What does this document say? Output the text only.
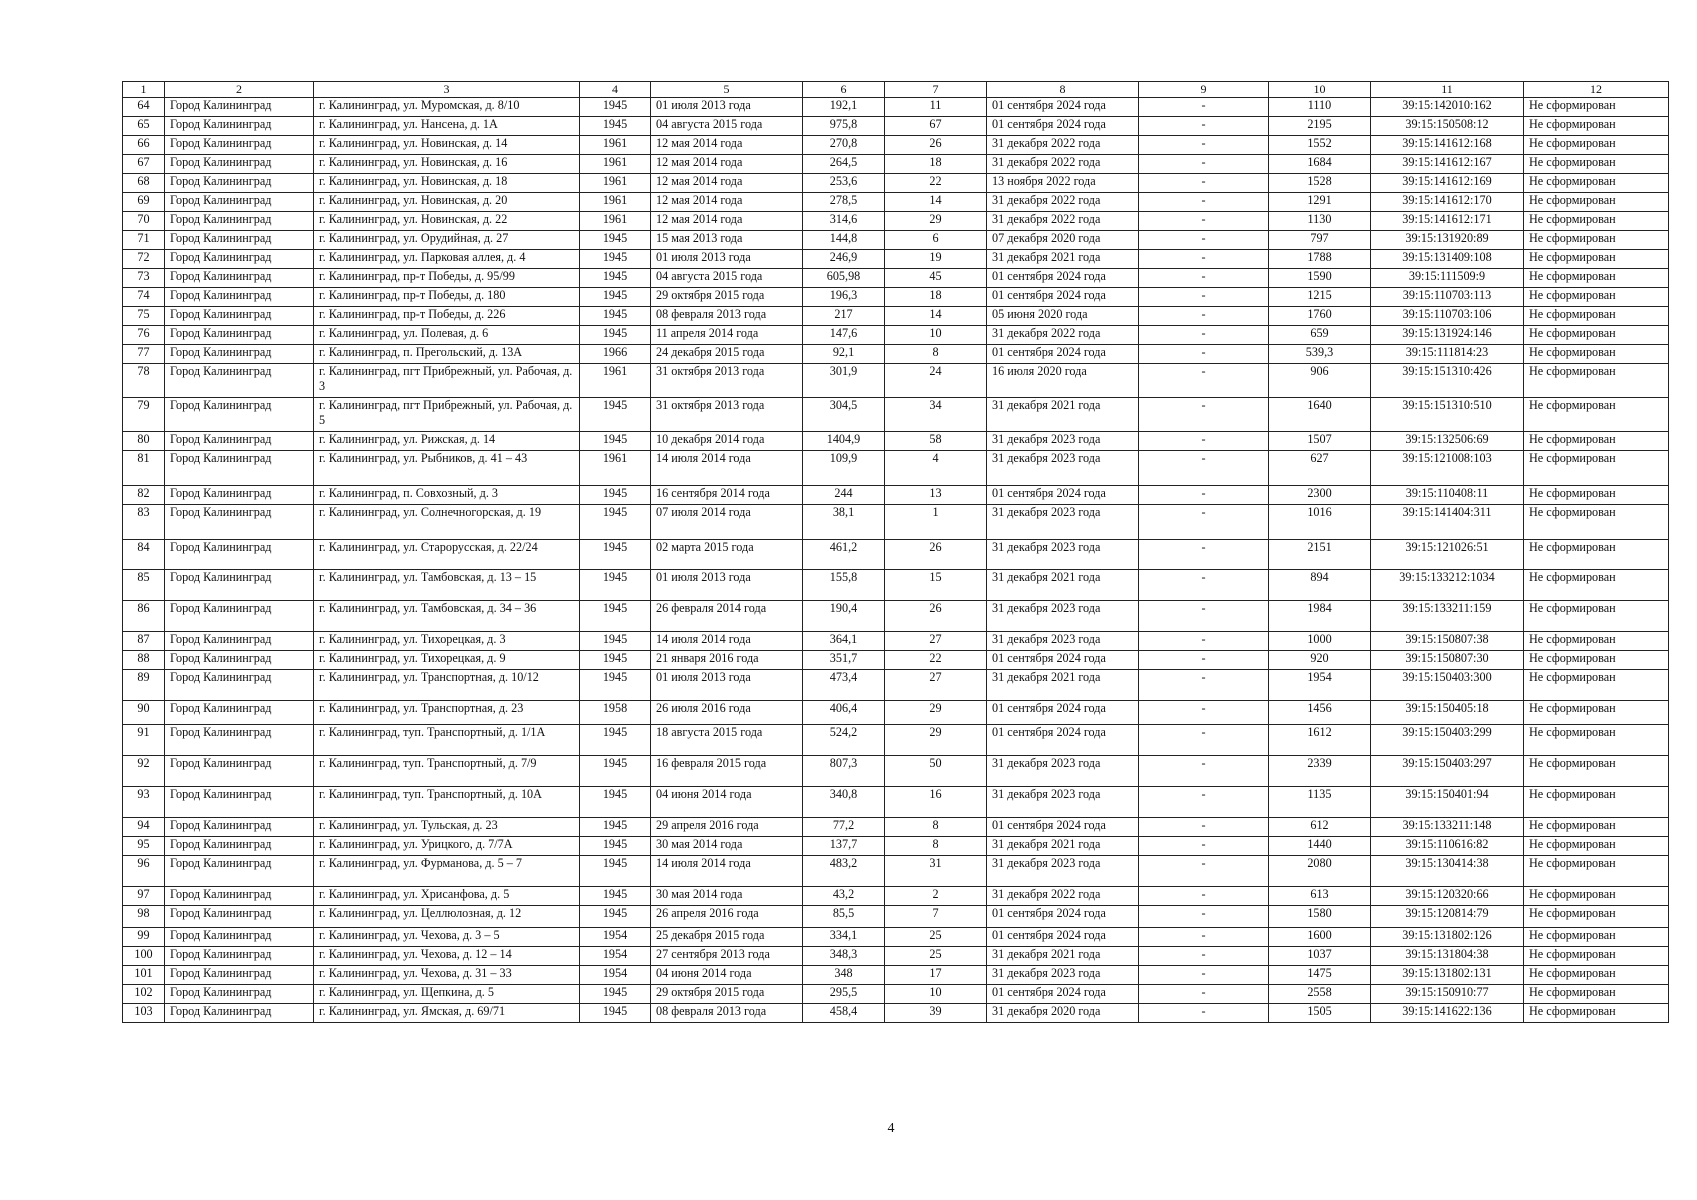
1	2	3	4	5	6	7	8	9	10	11	12
64	Город Калининград	г. Калининград, ул. Муромская, д. 8/10	1945	01 июля 2013 года	192,1	11	01 сентября 2024 года	-	1110	39:15:142010:162	Не сформирован
65	Город Калининград	г. Калининград, ул. Нансена, д. 1А	1945	04 августа 2015 года	975,8	67	01 сентября 2024 года	-	2195	39:15:150508:12	Не сформирован
66	Город Калининград	г. Калининград, ул. Новинская, д. 14	1961	12 мая 2014 года	270,8	26	31 декабря 2022 года	-	1552	39:15:141612:168	Не сформирован
67	Город Калининград	г. Калининград, ул. Новинская, д. 16	1961	12 мая 2014 года	264,5	18	31 декабря 2022 года	-	1684	39:15:141612:167	Не сформирован
68	Город Калининград	г. Калининград, ул. Новинская, д. 18	1961	12 мая 2014 года	253,6	22	13 ноября 2022 года	-	1528	39:15:141612:169	Не сформирован
69	Город Калининград	г. Калининград, ул. Новинская, д. 20	1961	12 мая 2014 года	278,5	14	31 декабря 2022 года	-	1291	39:15:141612:170	Не сформирован
70	Город Калининград	г. Калининград, ул. Новинская, д. 22	1961	12 мая 2014 года	314,6	29	31 декабря 2022 года	-	1130	39:15:141612:171	Не сформирован
71	Город Калининград	г. Калининград, ул. Орудийная, д. 27	1945	15 мая 2013 года	144,8	6	07 декабря 2020 года	-	797	39:15:131920:89	Не сформирован
72	Город Калининград	г. Калининград, ул. Парковая аллея, д. 4	1945	01 июля 2013 года	246,9	19	31 декабря 2021 года	-	1788	39:15:131409:108	Не сформирован
73	Город Калининград	г. Калининград, пр-т Победы, д. 95/99	1945	04 августа 2015 года	605,98	45	01 сентября 2024 года	-	1590	39:15:111509:9	Не сформирован
74	Город Калининград	г. Калининград, пр-т Победы, д. 180	1945	29 октября 2015 года	196,3	18	01 сентября 2024 года	-	1215	39:15:110703:113	Не сформирован
75	Город Калининград	г. Калининград, пр-т Победы, д. 226	1945	08 февраля 2013 года	217	14	05 июня 2020 года	-	1760	39:15:110703:106	Не сформирован
76	Город Калининград	г. Калининград, ул. Полевая, д. 6	1945	11 апреля 2014 года	147,6	10	31 декабря 2022 года	-	659	39:15:131924:146	Не сформирован
77	Город Калининград	г. Калининград, п. Прегольский, д. 13А	1966	24 декабря 2015 года	92,1	8	01 сентября 2024 года	-	539,3	39:15:111814:23	Не сформирован
78	Город Калининград	г. Калининград, пгт Прибрежный, ул. Рабочая, д. 3	1961	31 октября 2013 года	301,9	24	16 июля 2020 года	-	906	39:15:151310:426	Не сформирован
79	Город Калининград	г. Калининград, пгт Прибрежный, ул. Рабочая, д. 5	1945	31 октября 2013 года	304,5	34	31 декабря 2021 года	-	1640	39:15:151310:510	Не сформирован
80	Город Калининград	г. Калининград, ул. Рижская, д. 14	1945	10 декабря 2014 года	1404,9	58	31 декабря 2023 года	-	1507	39:15:132506:69	Не сформирован
81	Город Калининград	г. Калининград, ул. Рыбников, д. 41 – 43	1961	14 июля 2014 года	109,9	4	31 декабря 2023 года	-	627	39:15:121008:103	Не сформирован
82	Город Калининград	г. Калининград, п. Совхозный, д. 3	1945	16 сентября 2014 года	244	13	01 сентября 2024 года	-	2300	39:15:110408:11	Не сформирован
83	Город Калининград	г. Калининград, ул. Солнечногорская, д. 19	1945	07 июля 2014 года	38,1	1	31 декабря 2023 года	-	1016	39:15:141404:311	Не сформирован
84	Город Калининград	г. Калининград, ул. Старорусская, д. 22/24	1945	02 марта 2015 года	461,2	26	31 декабря 2023 года	-	2151	39:15:121026:51	Не сформирован
85	Город Калининград	г. Калининград, ул. Тамбовская, д. 13 – 15	1945	01 июля 2013 года	155,8	15	31 декабря 2021 года	-	894	39:15:133212:1034	Не сформирован
86	Город Калининград	г. Калининград, ул. Тамбовская, д. 34 – 36	1945	26 февраля 2014 года	190,4	26	31 декабря 2023 года	-	1984	39:15:133211:159	Не сформирован
87	Город Калининград	г. Калининград, ул. Тихорецкая, д. 3	1945	14 июля 2014 года	364,1	27	31 декабря 2023 года	-	1000	39:15:150807:38	Не сформирован
88	Город Калининград	г. Калининград, ул. Тихорецкая, д. 9	1945	21 января 2016 года	351,7	22	01 сентября 2024 года	-	920	39:15:150807:30	Не сформирован
89	Город Калининград	г. Калининград, ул. Транспортная, д. 10/12	1945	01 июля 2013 года	473,4	27	31 декабря 2021 года	-	1954	39:15:150403:300	Не сформирован
90	Город Калининград	г. Калининград, ул. Транспортная, д. 23	1958	26 июля 2016 года	406,4	29	01 сентября 2024 года	-	1456	39:15:150405:18	Не сформирован
91	Город Калининград	г. Калининград, туп. Транспортный, д. 1/1А	1945	18 августа 2015 года	524,2	29	01 сентября 2024 года	-	1612	39:15:150403:299	Не сформирован
92	Город Калининград	г. Калининград, туп. Транспортный, д. 7/9	1945	16 февраля 2015 года	807,3	50	31 декабря 2023 года	-	2339	39:15:150403:297	Не сформирован
93	Город Калининград	г. Калининград, туп. Транспортный, д. 10А	1945	04 июня 2014 года	340,8	16	31 декабря 2023 года	-	1135	39:15:150401:94	Не сформирован
94	Город Калининград	г. Калининград, ул. Тульская, д. 23	1945	29 апреля 2016 года	77,2	8	01 сентября 2024 года	-	612	39:15:133211:148	Не сформирован
95	Город Калининград	г. Калининград, ул. Урицкого, д. 7/7А	1945	30 мая 2014 года	137,7	8	31 декабря 2021 года	-	1440	39:15:110616:82	Не сформирован
96	Город Калининград	г. Калининград, ул. Фурманова, д. 5 – 7	1945	14 июля 2014 года	483,2	31	31 декабря 2023 года	-	2080	39:15:130414:38	Не сформирован
97	Город Калининград	г. Калининград, ул. Хрисанфова, д. 5	1945	30 мая 2014 года	43,2	2	31 декабря 2022 года	-	613	39:15:120320:66	Не сформирован
98	Город Калининград	г. Калининград, ул. Целлюлозная, д. 12	1945	26 апреля 2016 года	85,5	7	01 сентября 2024 года	-	1580	39:15:120814:79	Не сформирован
99	Город Калининград	г. Калининград, ул. Чехова, д. 3 – 5	1954	25 декабря 2015 года	334,1	25	01 сентября 2024 года	-	1600	39:15:131802:126	Не сформирован
100	Город Калининград	г. Калининград, ул. Чехова, д. 12 – 14	1954	27 сентября 2013 года	348,3	25	31 декабря 2021 года	-	1037	39:15:131804:38	Не сформирован
101	Город Калининград	г. Калининград, ул. Чехова, д. 31 – 33	1954	04 июня 2014 года	348	17	31 декабря 2023 года	-	1475	39:15:131802:131	Не сформирован
102	Город Калининград	г. Калининград, ул. Щепкина, д. 5	1945	29 октября 2015 года	295,5	10	01 сентября 2024 года	-	2558	39:15:150910:77	Не сформирован
103	Город Калининград	г. Калининград, ул. Ямская, д. 69/71	1945	08 февраля 2013 года	458,4	39	31 декабря 2020 года	-	1505	39:15:141622:136	Не сформирован
4
